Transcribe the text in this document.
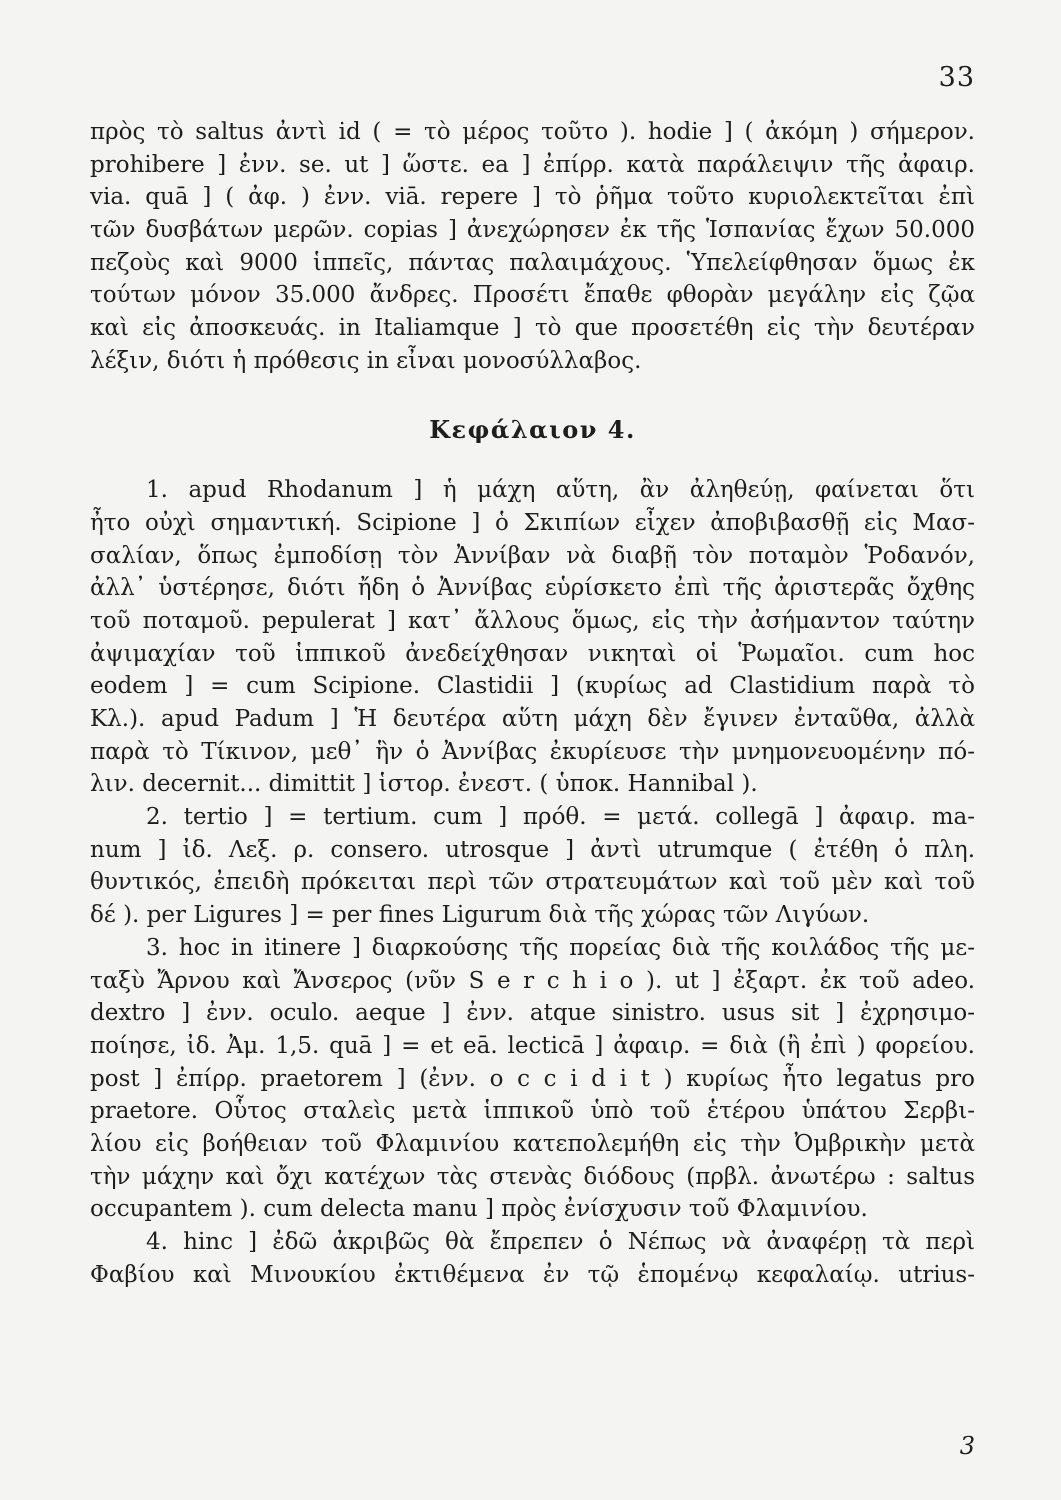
33
πρὸς τὸ saltus ἀντὶ id ( = τὸ μέρος τοῦτο ). hodie ] ( ἀκόμη ) σήμερον.
prohibere ] ἐνν. se. ut ] ὥστε. ea ] ἐπίρρ. κατὰ παράλειψιν τῆς ἀφαιρ.
via. quā ] ( ἀφ. ) ἐνν. viā. repere ] τὸ ῥῆμα τοῦτο κυριολεκτεῖται ἐπὶ
τῶν δυσβάτων μερῶν. copias ] ἀνεχώρησεν ἐκ τῆς Ἱσπανίας ἔχων 50.000
πεζοὺς καὶ 9000 ἱππεῖς, πάντας παλαιμάχους. Ὑπελείφθησαν ὅμως ἐκ
τούτων μόνον 35.000 ἄνδρες. Προσέτι ἔπαθε φθορὰν μεγάλην εἰς ζῷα
καὶ εἰς ἀποσκευάς. in Italiamque ] τὸ que προσετέθη εἰς τὴν δευτέραν
λέξιν, διότι ἡ πρόθεσις in εἶναι μονοσύλλαβος.
Κεφάλαιον 4.
1. apud Rhodanum ] ἡ μάχη αὕτη, ἂν ἀληθεύῃ, φαίνεται ὅτι
ἦτο οὐχὶ σημαντική. Scipione ] ὁ Σκιπίων εἶχεν ἀποβιβασθῇ εἰς Μασ-
σαλίαν, ὅπως ἐμποδίσῃ τὸν Ἀννίβαν νὰ διαβῇ τὸν ποταμὸν Ῥοδανόν,
ἀλλ᾽ ὑστέρησε, διότι ἤδη ὁ Ἀννίβας εὑρίσκετο ἐπὶ τῆς ἀριστερᾶς ὄχθης
τοῦ ποταμοῦ. pepulerat ] κατ᾽ ἄλλους ὅμως, εἰς τὴν ἀσήμαντον ταύτην
ἀψιμαχίαν τοῦ ἱππικοῦ ἀνεδείχθησαν νικηταὶ οἱ Ῥωμαῖοι. cum hoc
eodem ] = cum Scipione. Clastidii ] (κυρίως ad Clastidium παρὰ τὸ
Κλ.). apud Padum ] Ἡ δευτέρα αὕτη μάχη δὲν ἔγινεν ἐνταῦθα, ἀλλὰ
παρὰ τὸ Τίκινον, μεθ᾽ ἣν ὁ Ἀννίβας ἐκυρίευσε τὴν μνημονευομένην πό-
λιν. decernit... dimittit ] ἱστορ. ἐνεστ. ( ὑποκ. Hannibal ).
2. tertio ] = tertium. cum ] πρόθ. = μετά. collegā ] ἀφαιρ. ma-
num ] ἰδ. Λεξ. ρ. consero. utrosque ] ἀντὶ utrumque ( ἐτέθη ὁ πλη.
θυντικός, ἐπειδὴ πρόκειται περὶ τῶν στρατευμάτων καὶ τοῦ μὲν καὶ τοῦ
δέ ). per Ligures ] = per fines Ligurum διὰ τῆς χώρας τῶν Λιγύων.
3. hoc in itinere ] διαρκούσης τῆς πορείας διὰ τῆς κοιλάδος τῆς με-
ταξὺ Ἄρνου καὶ Ἄνσερος (νῦν S e r c h i o ). ut ] ἐξαρτ. ἐκ τοῦ adeo.
dextro ] ἐνν. oculo. aeque ] ἐνν. atque sinistro. usus sit ] ἐχρησιμο-
ποίησε, ἰδ. Ἀμ. 1,5. quā ] = et eā. lecticā ] ἀφαιρ. = διὰ (ἢ ἐπὶ ) φορείου.
post ] ἐπίρρ. praetorem ] (ἐνν. o c c i d i t ) κυρίως ἦτο legatus pro
praetore. Οὗτος σταλεὶς μετὰ ἱππικοῦ ὑπὸ τοῦ ἑτέρου ὑπάτου Σερβι-
λίου εἰς βοήθειαν τοῦ Φλαμινίου κατεπολεμήθη εἰς τὴν Ὀμβρικὴν μετὰ
τὴν μάχην καὶ ὄχι κατέχων τὰς στενὰς διόδους (πρβλ. ἀνωτέρω : saltus
occupantem ). cum delecta manu ] πρὸς ἐνίσχυσιν τοῦ Φλαμινίου.
4. hinc ] ἐδῶ ἀκριβῶς θὰ ἔπρεπεν ὁ Νέπως νὰ ἀναφέρῃ τὰ περὶ
Φαβίου καὶ Μινουκίου ἐκτιθέμενα ἐν τῷ ἑπομένῳ κεφαλαίῳ. utrius-
3
